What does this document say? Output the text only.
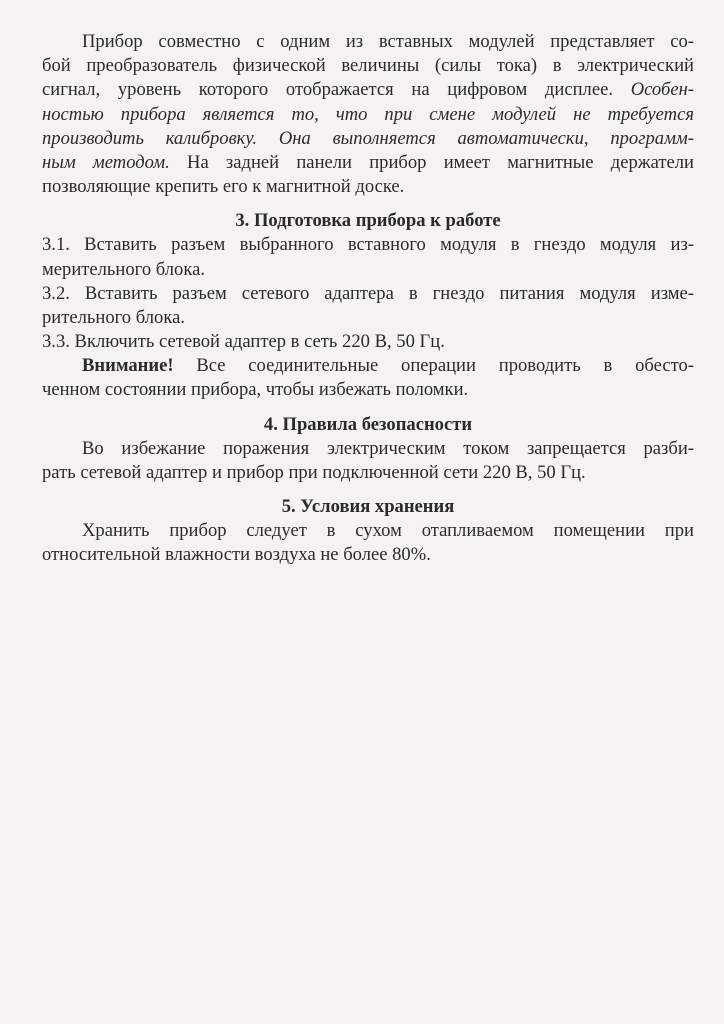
Прибор совместно с одним из вставных модулей представляет со-
бой преобразователь физической величины (силы тока) в электрический
сигнал, уровень которого отображается на цифровом дисплее. Особен-
ностью прибора является то, что при смене модулей не требуется
производить калибровку. Она выполняется автоматически, программ-
ным методом. На задней панели прибор имеет магнитные держатели
позволяющие крепить его к магнитной доске.
3. Подготовка прибора к работе
3.1. Вставить разъем выбранного вставного модуля в гнездо модуля из-
мерительного блока.
3.2. Вставить разъем сетевого адаптера в гнездо питания модуля изме-
рительного блока.
3.3. Включить сетевой адаптер в сеть 220 В, 50 Гц.
Внимание! Все соединительные операции проводить в обесто-
ченном состоянии прибора, чтобы избежать поломки.
4. Правила безопасности
Во избежание поражения электрическим током запрещается разби-
рать сетевой адаптер и прибор при подключенной сети 220 В, 50 Гц.
5. Условия хранения
Хранить прибор следует в сухом отапливаемом помещении при
относительной влажности воздуха не более 80%.
